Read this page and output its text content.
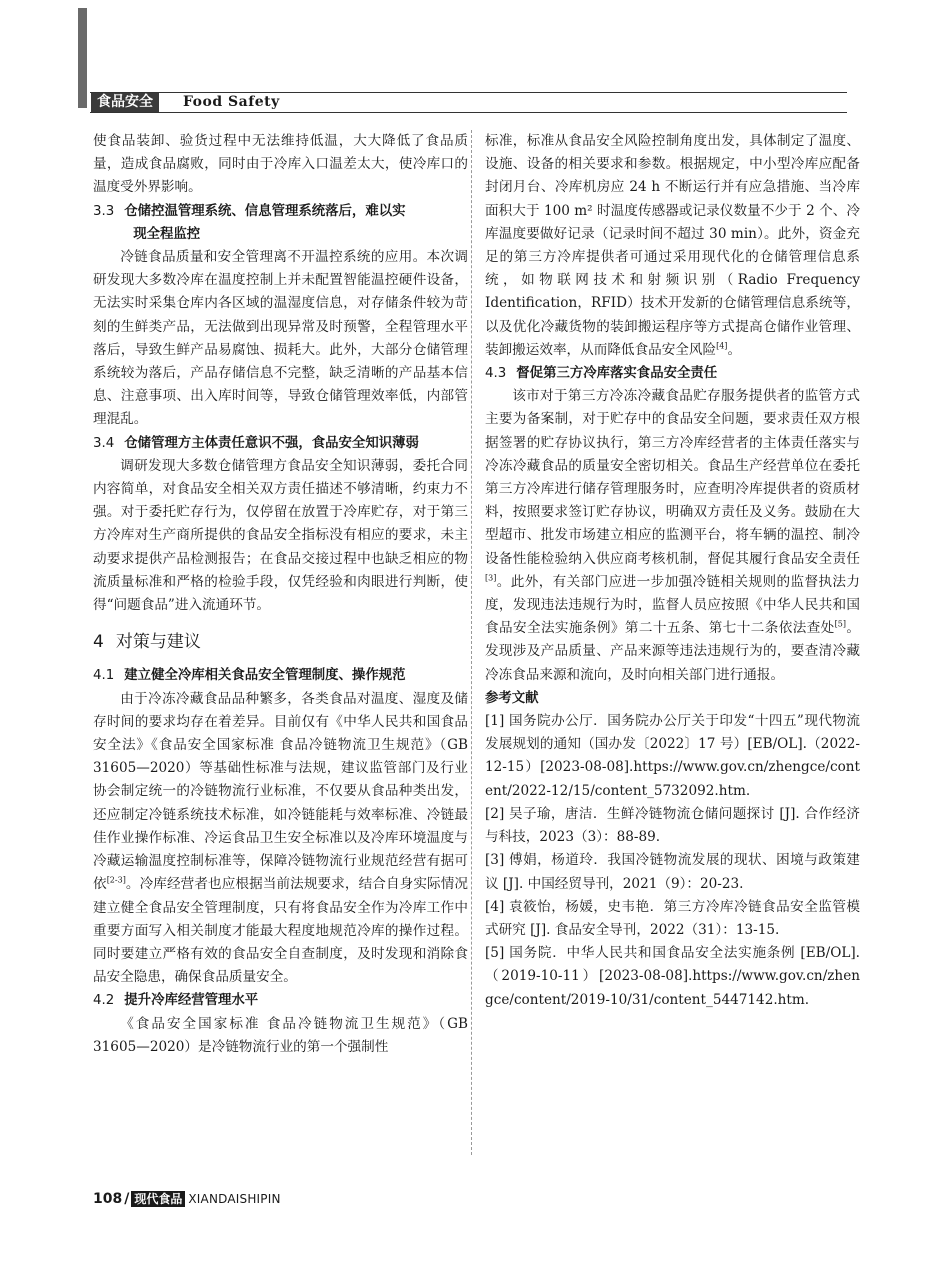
食品安全	Food Safety

使食品装卸、验货过程中无法维持低温，大大降低了食品质量，造成食品腐败，同时由于冷库入口温差太大，使冷库口的温度受外界影响。

3.3 仓储控温管理系统、信息管理系统落后，难以实

现全程监控

冷链食品质量和安全管理离不开温控系统的应用。本次调研发现大多数冷库在温度控制上并未配置智能温控硬件设备，无法实时采集仓库内各区域的温湿度信息，对存储条件较为苛刻的生鲜类产品，无法做到出现异常及时预警，全程管理水平落后，导致生鲜产品易腐蚀、损耗大。此外，大部分仓储管理系统较为落后，产品存储信息不完整，缺乏清晰的产品基本信息、注意事项、出入库时间等，导致仓储管理效率低，内部管理混乱。

3.4 仓储管理方主体责任意识不强，食品安全知识薄弱

调研发现大多数仓储管理方食品安全知识薄弱，委托合同内容简单，对食品安全相关双方责任描述不够清晰，约束力不强。对于委托贮存行为，仅停留在放置于冷库贮存，对于第三方冷库对生产商所提供的食品安全指标没有相应的要求，未主动要求提供产品检测报告；在食品交接过程中也缺乏相应的物流质量标准和严格的检验手段，仅凭经验和肉眼进行判断，使得“问题食品”进入流通环节。

4 对策与建议

4.1 建立健全冷库相关食品安全管理制度、操作规范

由于冷冻冷藏食品品种繁多，各类食品对温度、湿度及储存时间的要求均存在着差异。目前仅有《中华人民共和国食品安全法》《食品安全国家标准 食品冷链物流卫生规范》（GB 31605—2020）等基础性标准与法规，建议监管部门及行业协会制定统一的冷链物流行业标准，不仅要从食品种类出发，还应制定冷链系统技术标准，如冷链能耗与效率标准、冷链最佳作业操作标准、冷运食品卫生安全标准以及冷库环境温度与冷藏运输温度控制标准等，保障冷链物流行业规范经营有据可依[2-3]。冷库经营者也应根据当前法规要求，结合自身实际情况建立健全食品安全管理制度，只有将食品安全作为冷库工作中重要方面写入相关制度才能最大程度地规范冷库的操作过程。同时要建立严格有效的食品安全自查制度，及时发现和消除食品安全隐患，确保食品质量安全。

4.2 提升冷库经营管理水平

《食品安全国家标准 食品冷链物流卫生规范》（GB 31605—2020）是冷链物流行业的第一个强制性

标准，标准从食品安全风险控制角度出发，具体制定了温度、设施、设备的相关要求和参数。根据规定，中小型冷库应配备封闭月台、冷库机房应 24 h 不断运行并有应急措施、当冷库面积大于 100 m² 时温度传感器或记录仪数量不少于 2 个、冷库温度要做好记录（记录时间不超过 30 min）。此外，资金充足的第三方冷库提供者可通过采用现代化的仓储管理信息系统，如物联网技术和射频识别（Radio Frequency Identification，RFID）技术开发新的仓储管理信息系统等，以及优化冷藏货物的装卸搬运程序等方式提高仓储作业管理、装卸搬运效率，从而降低食品安全风险[4]。

4.3 督促第三方冷库落实食品安全责任

该市对于第三方冷冻冷藏食品贮存服务提供者的监管方式主要为备案制，对于贮存中的食品安全问题，要求责任双方根据签署的贮存协议执行，第三方冷库经营者的主体责任落实与冷冻冷藏食品的质量安全密切相关。食品生产经营单位在委托第三方冷库进行储存管理服务时，应查明冷库提供者的资质材料，按照要求签订贮存协议，明确双方责任及义务。鼓励在大型超市、批发市场建立相应的监测平台，将车辆的温控、制冷设备性能检验纳入供应商考核机制，督促其履行食品安全责任[3]。此外，有关部门应进一步加强冷链相关规则的监督执法力度，发现违法违规行为时，监督人员应按照《中华人民共和国食品安全法实施条例》第二十五条、第七十二条依法查处[5]。发现涉及产品质量、产品来源等违法违规行为的，要查清冷藏冷冻食品来源和流向，及时向相关部门进行通报。

参考文献

[1] 国务院办公厅．国务院办公厅关于印发“十四五”现代物流发展规划的通知（国办发〔2022〕17 号）[EB/OL].（2022-12-15）[2023-08-08].https://www.gov.cn/zhengce/content/2022-12/15/content_5732092.htm.

[2] 吴子瑜，唐洁．生鲜冷链物流仓储问题探讨 [J]. 合作经济与科技，2023（3）：88-89.

[3] 傅娟，杨道玲．我国冷链物流发展的现状、困境与政策建议 [J]. 中国经贸导刊，2021（9）：20-23.

[4] 袁筱怡，杨媛，史韦艳．第三方冷库冷链食品安全监管模式研究 [J]. 食品安全导刊，2022（31）：13-15.

[5] 国务院．中华人民共和国食品安全法实施条例 [EB/OL].（2019-10-11）[2023-08-08].https://www.gov.cn/zhengce/content/2019-10/31/content_5447142.htm.

108 / 现代食品 XIANDAISHIPIN
